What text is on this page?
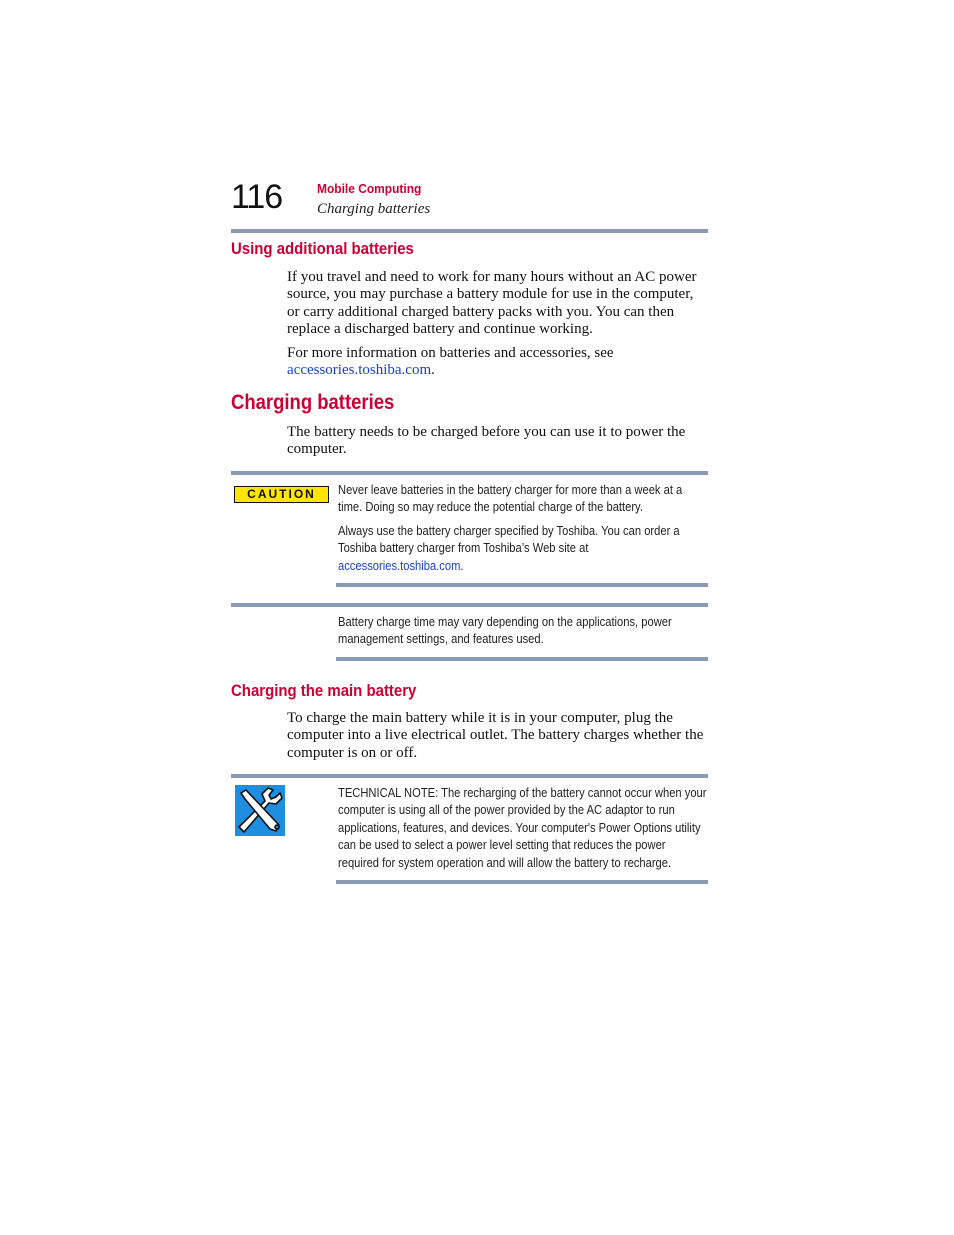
116	Mobile Computing
Charging batteries
Using additional batteries

If you travel and need to work for many hours without an AC power source, you may purchase a battery module for use in the computer, or carry additional charged battery packs with you. You can then replace a discharged battery and continue working.

For more information on batteries and accessories, see accessories.toshiba.com.

Charging batteries

The battery needs to be charged before you can use it to power the computer.

CAUTION	Never leave batteries in the battery charger for more than a week at a time. Doing so may reduce the potential charge of the battery.

Always use the battery charger specified by Toshiba. You can order a Toshiba battery charger from Toshiba’s Web site at accessories.toshiba.com.

Battery charge time may vary depending on the applications, power management settings, and features used.

Charging the main battery

To charge the main battery while it is in your computer, plug the computer into a live electrical outlet. The battery charges whether the computer is on or off.

TECHNICAL NOTE: The recharging of the battery cannot occur when your computer is using all of the power provided by the AC adaptor to run applications, features, and devices. Your computer's Power Options utility can be used to select a power level setting that reduces the power required for system operation and will allow the battery to recharge.
